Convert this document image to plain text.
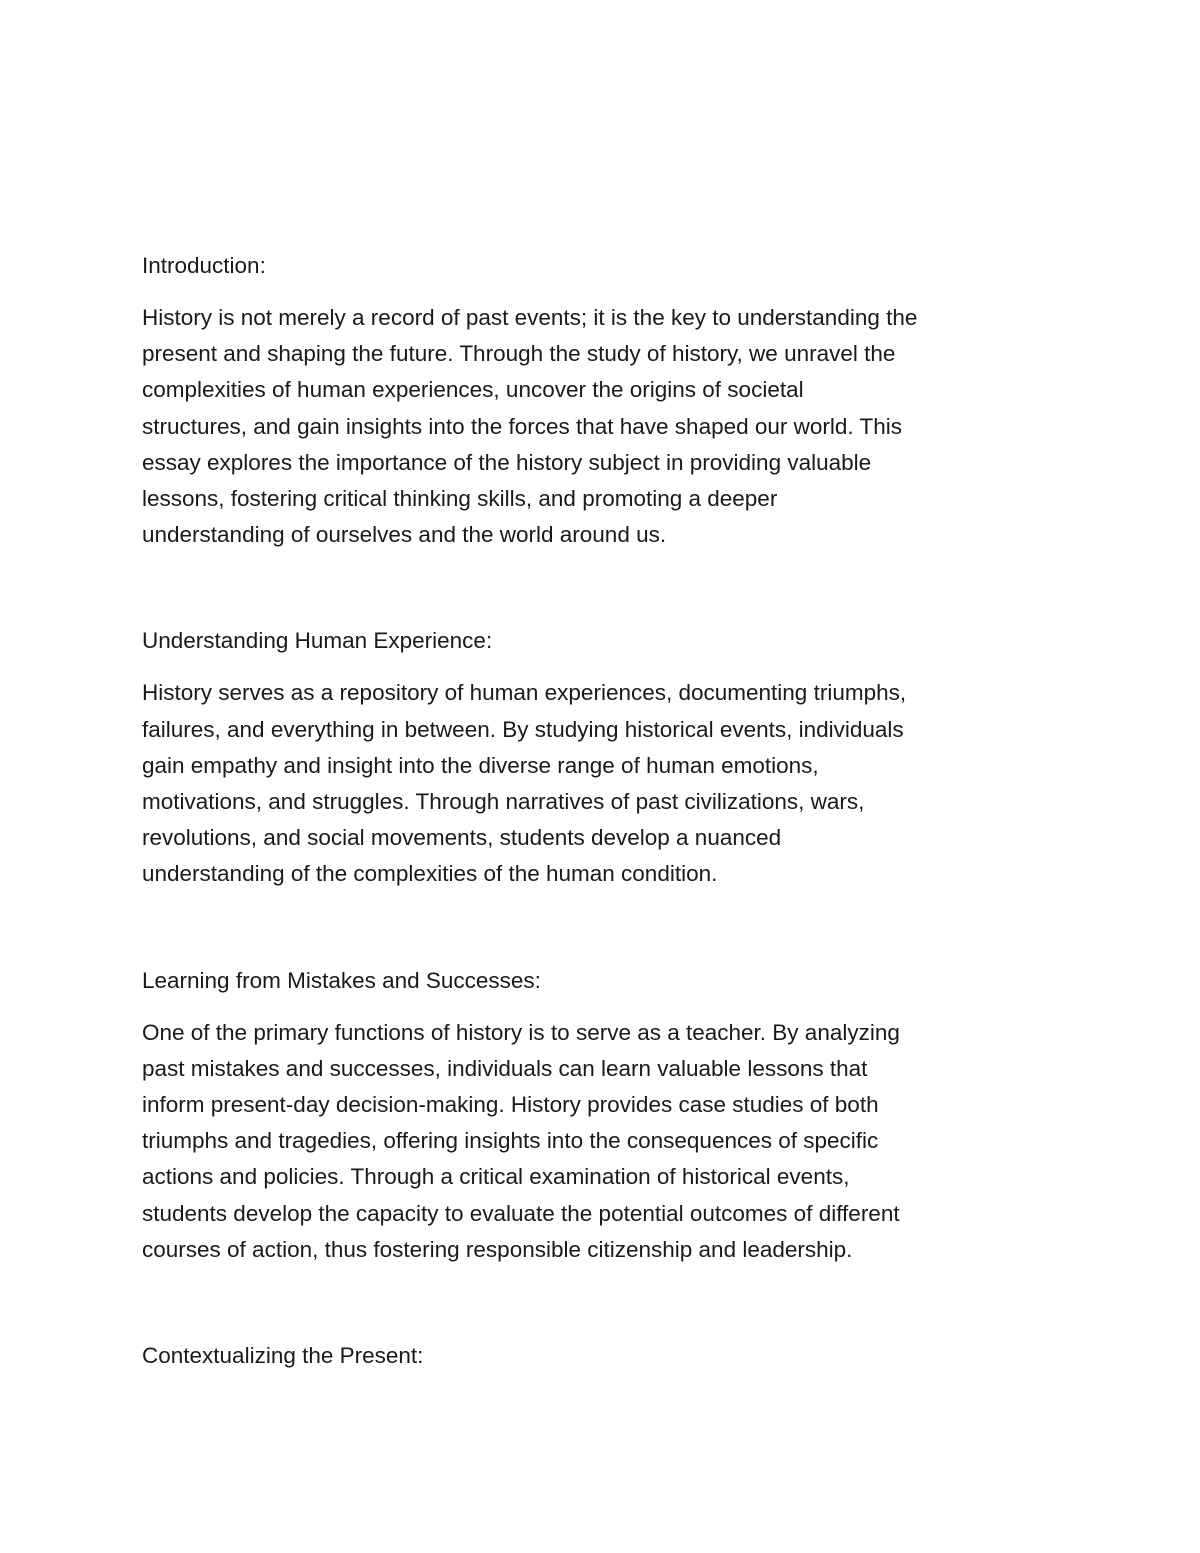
Introduction:

History is not merely a record of past events; it is the key to understanding the
present and shaping the future. Through the study of history, we unravel the
complexities of human experiences, uncover the origins of societal
structures, and gain insights into the forces that have shaped our world. This
essay explores the importance of the history subject in providing valuable
lessons, fostering critical thinking skills, and promoting a deeper
understanding of ourselves and the world around us.

Understanding Human Experience:

History serves as a repository of human experiences, documenting triumphs,
failures, and everything in between. By studying historical events, individuals
gain empathy and insight into the diverse range of human emotions,
motivations, and struggles. Through narratives of past civilizations, wars,
revolutions, and social movements, students develop a nuanced
understanding of the complexities of the human condition.

Learning from Mistakes and Successes:

One of the primary functions of history is to serve as a teacher. By analyzing
past mistakes and successes, individuals can learn valuable lessons that
inform present-day decision-making. History provides case studies of both
triumphs and tragedies, offering insights into the consequences of specific
actions and policies. Through a critical examination of historical events,
students develop the capacity to evaluate the potential outcomes of different
courses of action, thus fostering responsible citizenship and leadership.

Contextualizing the Present:
